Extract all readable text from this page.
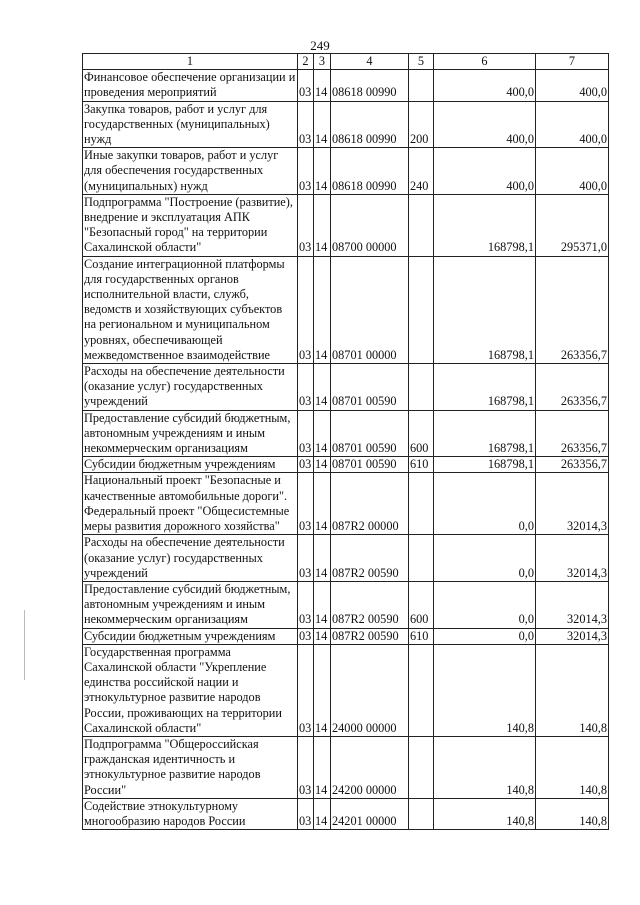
249
1	2	3	4	5	6	7
Финансовое обеспечение организации и проведения мероприятий	03	14	08618 00990		400,0	400,0
Закупка товаров, работ и услуг для государственных (муниципальных) нужд	03	14	08618 00990	200	400,0	400,0
Иные закупки товаров, работ и услуг для обеспечения государственных (муниципальных) нужд	03	14	08618 00990	240	400,0	400,0
Подпрограмма "Построение (развитие), внедрение и эксплуатация АПК "Безопасный город" на территории Сахалинской области"	03	14	08700 00000		168798,1	295371,0
Создание интеграционной платформы для государственных органов исполнительной власти, служб, ведомств и хозяйствующих субъектов на региональном и муниципальном уровнях, обеспечивающей межведомственное взаимодействие	03	14	08701 00000		168798,1	263356,7
Расходы на обеспечение деятельности (оказание услуг) государственных учреждений	03	14	08701 00590		168798,1	263356,7
Предоставление субсидий бюджетным, автономным учреждениям и иным некоммерческим организациям	03	14	08701 00590	600	168798,1	263356,7
Субсидии бюджетным учреждениям	03	14	08701 00590	610	168798,1	263356,7
Национальный проект "Безопасные и качественные автомобильные дороги". Федеральный проект "Общесистемные меры развития дорожного хозяйства"	03	14	087R2 00000		0,0	32014,3
Расходы на обеспечение деятельности (оказание услуг) государственных учреждений	03	14	087R2 00590		0,0	32014,3
Предоставление субсидий бюджетным, автономным учреждениям и иным некоммерческим организациям	03	14	087R2 00590	600	0,0	32014,3
Субсидии бюджетным учреждениям	03	14	087R2 00590	610	0,0	32014,3
Государственная программа Сахалинской области "Укрепление единства российской нации и этнокультурное развитие народов России, проживающих на территории Сахалинской области"	03	14	24000 00000		140,8	140,8
Подпрограмма "Общероссийская гражданская идентичность и этнокультурное развитие народов России"	03	14	24200 00000		140,8	140,8
Содействие этнокультурному многообразию народов России	03	14	24201 00000		140,8	140,8
